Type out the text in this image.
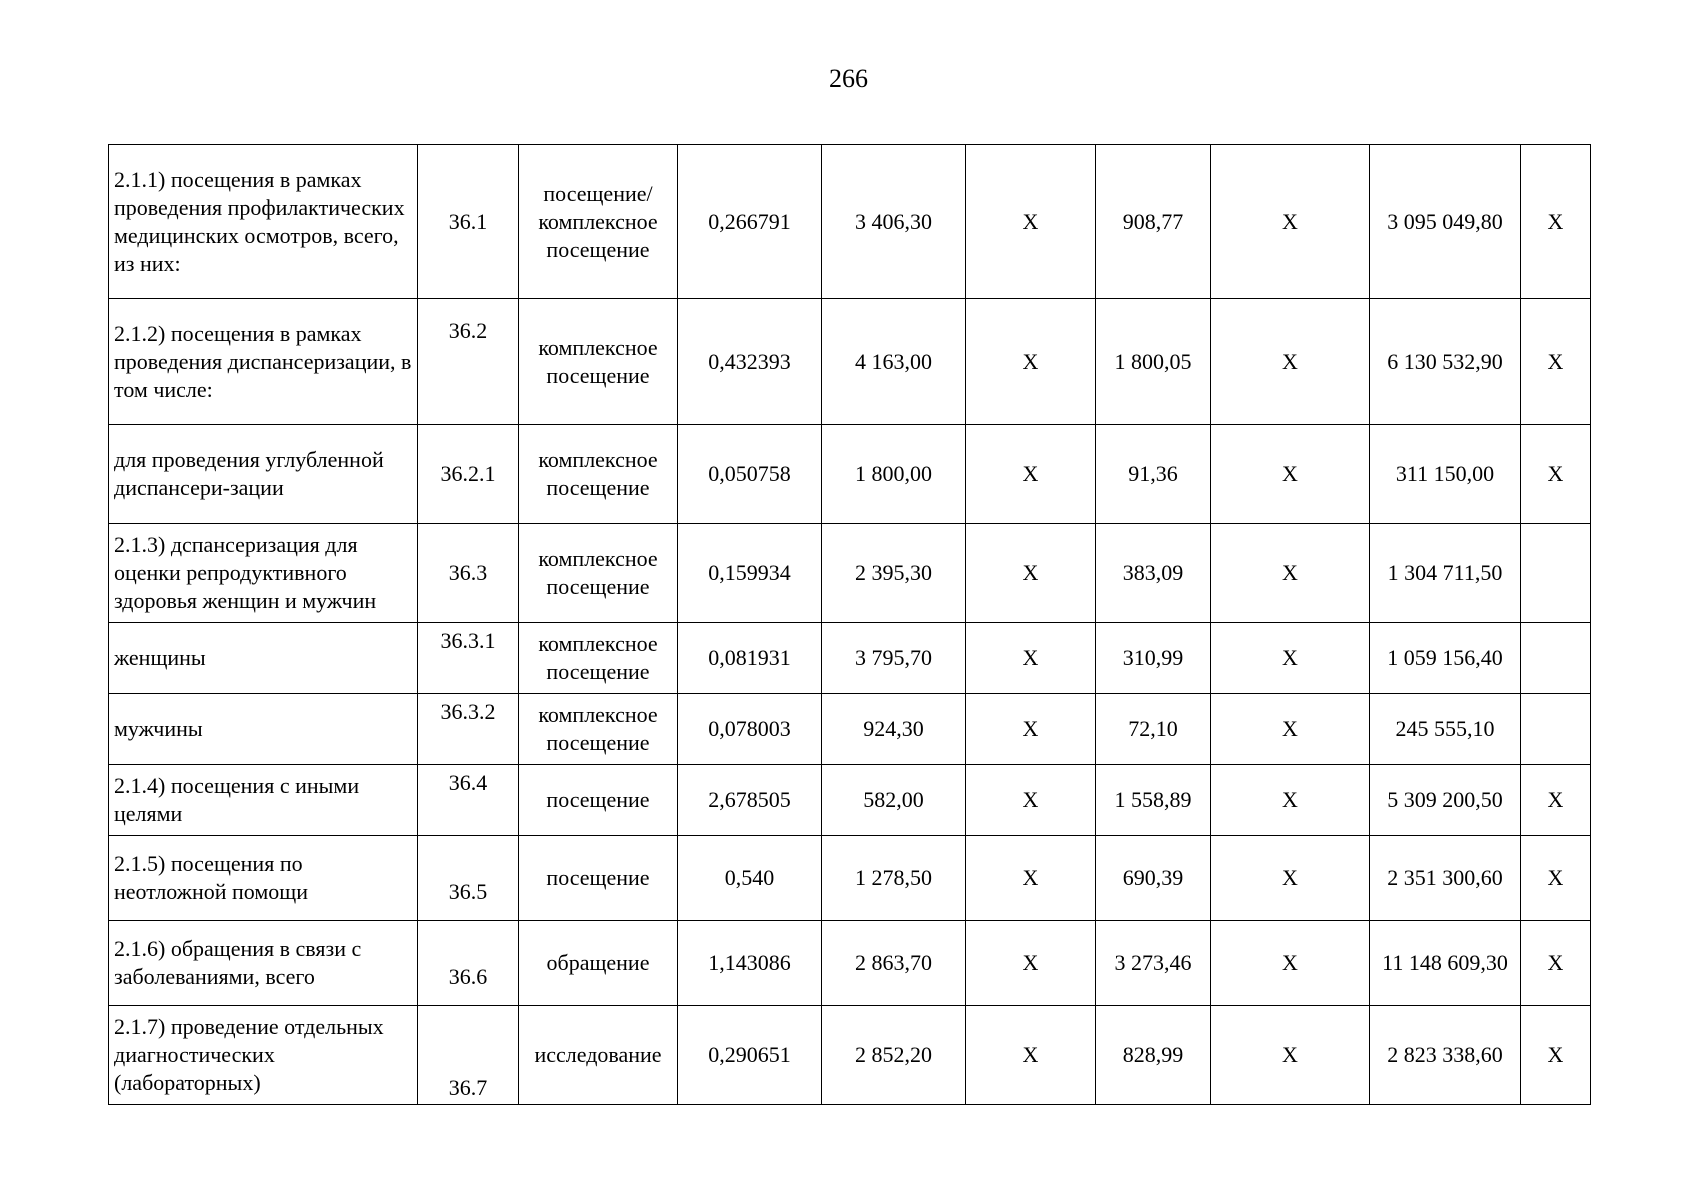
266
2.1.1) посещения в рамках проведения профилактических медицинских осмотров, всего, из них:	36.1	посещение/ комплексное посещение	0,266791	3 406,30	Х	908,77	Х	3 095 049,80	Х
2.1.2) посещения в рамках проведения диспансеризации, в том числе:	36.2	комплексное посещение	0,432393	4 163,00	Х	1 800,05	Х	6 130 532,90	Х
для проведения углубленной диспансери-зации	36.2.1	комплексное посещение	0,050758	1 800,00	Х	91,36	Х	311 150,00	Х
2.1.3) дспансеризация для оценки репродуктивного здоровья женщин и мужчин	36.3	комплексное посещение	0,159934	2 395,30	Х	383,09	Х	1 304 711,50	
женщины	36.3.1	комплексное посещение	0,081931	3 795,70	Х	310,99	Х	1 059 156,40	
мужчины	36.3.2	комплексное посещение	0,078003	924,30	Х	72,10	Х	245 555,10	
2.1.4) посещения с иными целями	36.4	посещение	2,678505	582,00	Х	1 558,89	Х	5 309 200,50	Х
2.1.5) посещения по неотложной помощи	36.5	посещение	0,540	1 278,50	Х	690,39	Х	2 351 300,60	Х
2.1.6) обращения в связи с заболеваниями, всего	36.6	обращение	1,143086	2 863,70	Х	3 273,46	Х	11 148 609,30	Х
2.1.7) проведение отдельных диагностических (лабораторных)	36.7	исследование	0,290651	2 852,20	Х	828,99	Х	2 823 338,60	Х
